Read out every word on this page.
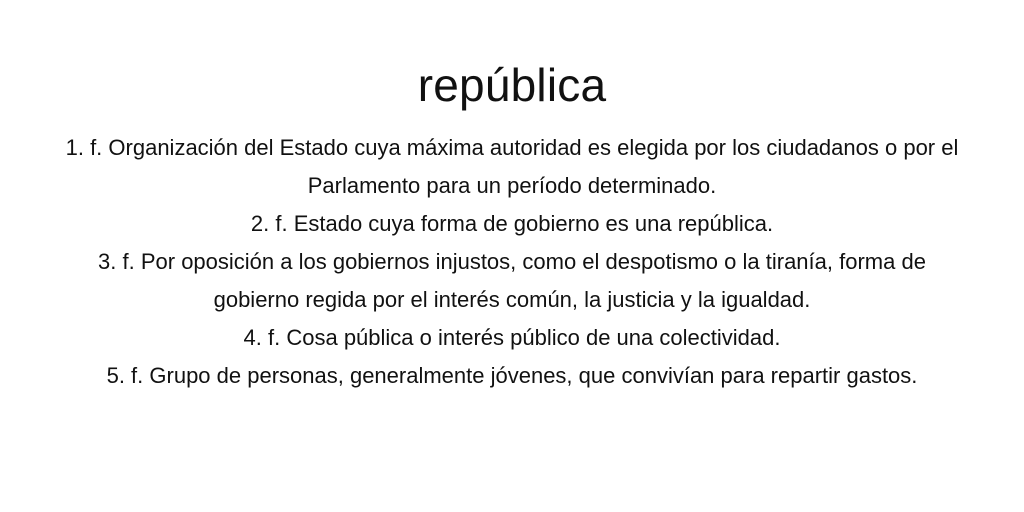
república

1. f. Organización del Estado cuya máxima autoridad es elegida por los ciudadanos o por el Parlamento para un período determinado.

2. f. Estado cuya forma de gobierno es una república.

3. f. Por oposición a los gobiernos injustos, como el despotismo o la tiranía, forma de gobierno regida por el interés común, la justicia y la igualdad.

4. f. Cosa pública o interés público de una colectividad.

5. f. Grupo de personas, generalmente jóvenes, que convivían para repartir gastos.
